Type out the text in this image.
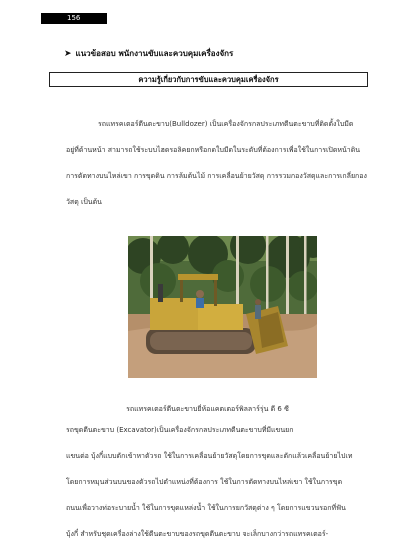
156
➤ แนวข้อสอบ พนักงานขับและควบคุมเครื่องจักร
ความรู้เกี่ยวกับการขับและควบคุมเครื่องจักร
รถแทรคเตอร์ตีนตะขาบ(Bulldozer) เป็นเครื่องจักรกลประเภทตีนตะขาบที่ติดตั้งใบมีด
อยู่ที่ด้านหน้า สามารถใช้ระบบไฮดรอลิคยกหรือกดใบมีดในระดับที่ต้องการเพื่อใช้ในการเปิดหน้าดิน
การตัดทางบนไหล่เขา การขุดดิน การล้มต้นไม้ การเคลื่อนย้ายวัสดุ การรวมกองวัสดุและการเกลี่ยกอง
วัสดุ เป็นต้น
รถแทรคเตอร์ตีนตะขาบยี่ห้อแคตเตอร์พิลลาร์รุ่น ดี 6 ซี
รถขุดตีนตะขาบ (Excavator)เป็นเครื่องจักรกลประเภทตีนตะขาบที่มีแขนยก
แขนต่อ บุ้งกี๋แบบตักเข้าหาตัวรถ ใช้ในการเคลื่อนย้ายวัสดุโดยการขุดและตักแล้วเคลื่อนย้ายไปเท
โดยการหมุนส่วนบนของตัวรถไปตำแหน่งที่ต้องการ ใช้ในการตัดทางบนไหล่เขา ใช้ในการขุด
ถนนเพื่อวางท่อระบายน้ำ ใช้ในการขุดแหล่งน้ำ ใช้ในการยกวัสดุต่าง ๆ โดยการแขวนรอกที่ฟัน
บุ้งกี๋ สำหรับชุดเครื่องล่างใช้ตีนตะขาบของรถขุดตีนตะขาบ จะเล็กบางกว่ารถแทรคเตอร์-
